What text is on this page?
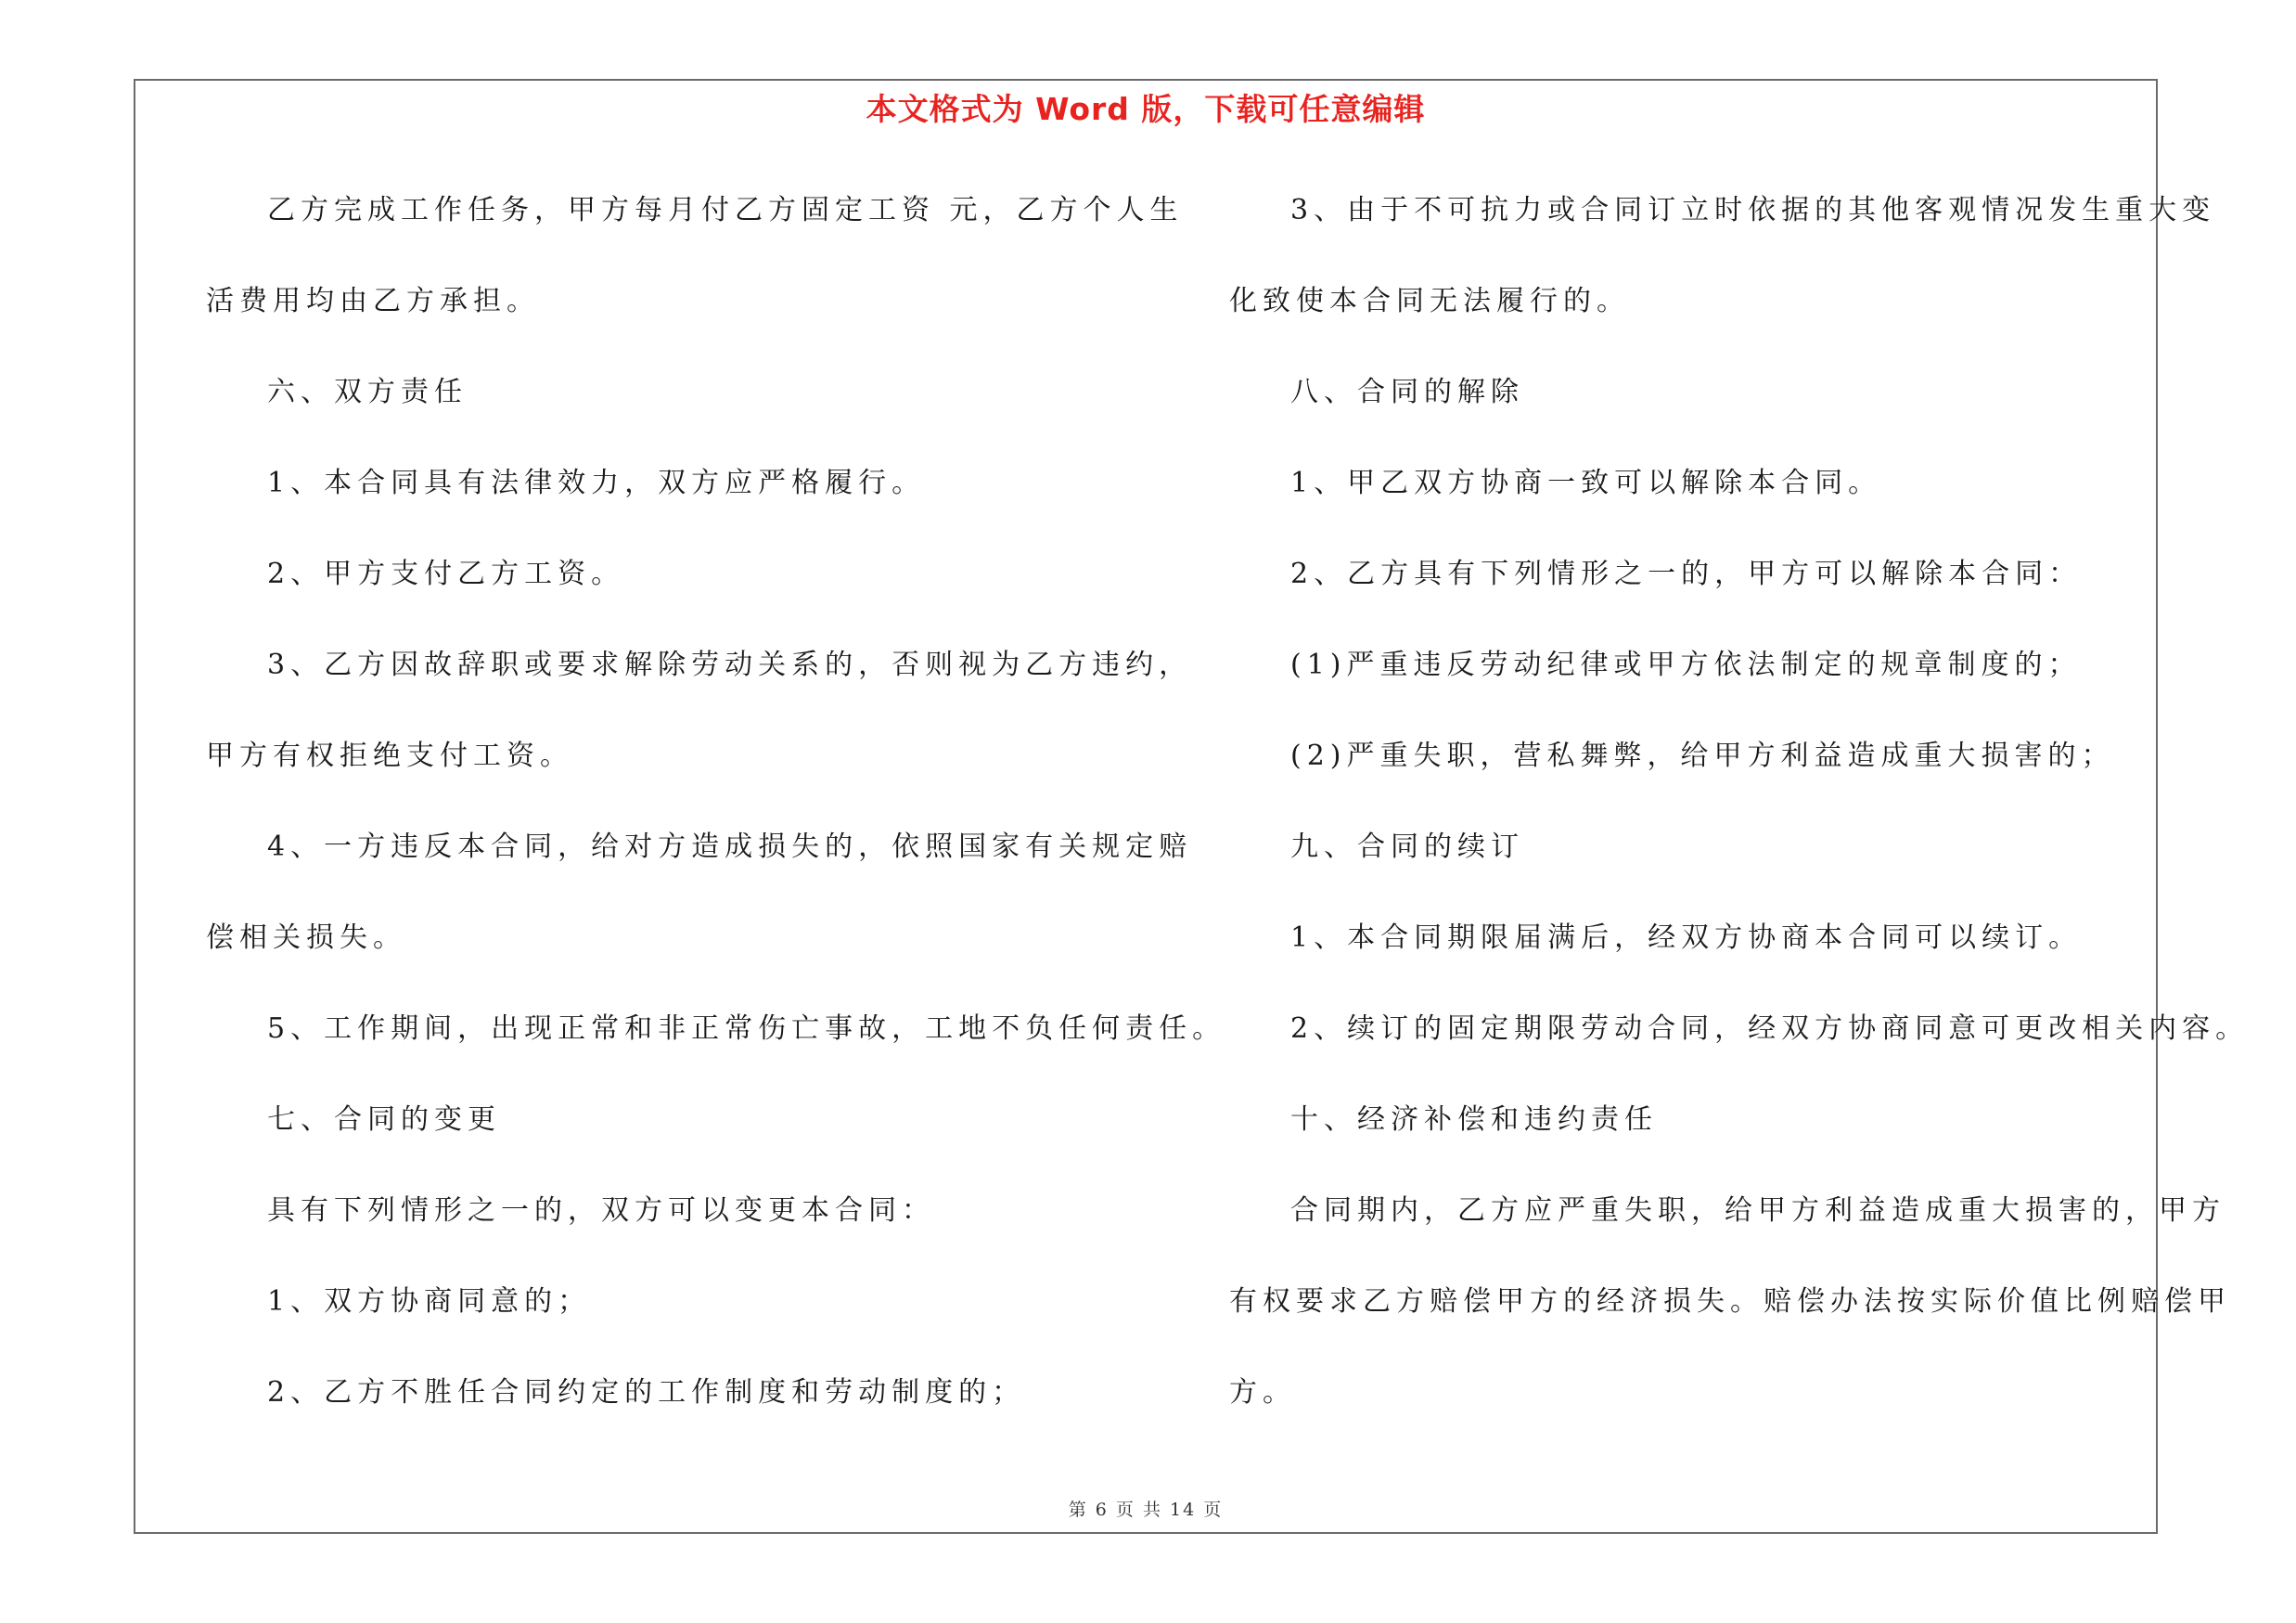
本文格式为 Word 版，下载可任意编辑
乙方完成工作任务，甲方每月付乙方固定工资 元，乙方个人生
活费用均由乙方承担。
六、双方责任
1、本合同具有法律效力，双方应严格履行。
2、甲方支付乙方工资。
3、乙方因故辞职或要求解除劳动关系的，否则视为乙方违约，
甲方有权拒绝支付工资。
4、一方违反本合同，给对方造成损失的，依照国家有关规定赔
偿相关损失。
5、工作期间，出现正常和非正常伤亡事故，工地不负任何责任。
七、合同的变更
具有下列情形之一的，双方可以变更本合同：
1、双方协商同意的；
2、乙方不胜任合同约定的工作制度和劳动制度的；
3、由于不可抗力或合同订立时依据的其他客观情况发生重大变
化致使本合同无法履行的。
八、合同的解除
1、甲乙双方协商一致可以解除本合同。
2、乙方具有下列情形之一的，甲方可以解除本合同：
(1)严重违反劳动纪律或甲方依法制定的规章制度的；
(2)严重失职，营私舞弊，给甲方利益造成重大损害的；
九、合同的续订
1、本合同期限届满后，经双方协商本合同可以续订。
2、续订的固定期限劳动合同，经双方协商同意可更改相关内容。
十、经济补偿和违约责任
合同期内，乙方应严重失职，给甲方利益造成重大损害的，甲方
有权要求乙方赔偿甲方的经济损失。赔偿办法按实际价值比例赔偿甲
方。
第 6 页 共 14 页
